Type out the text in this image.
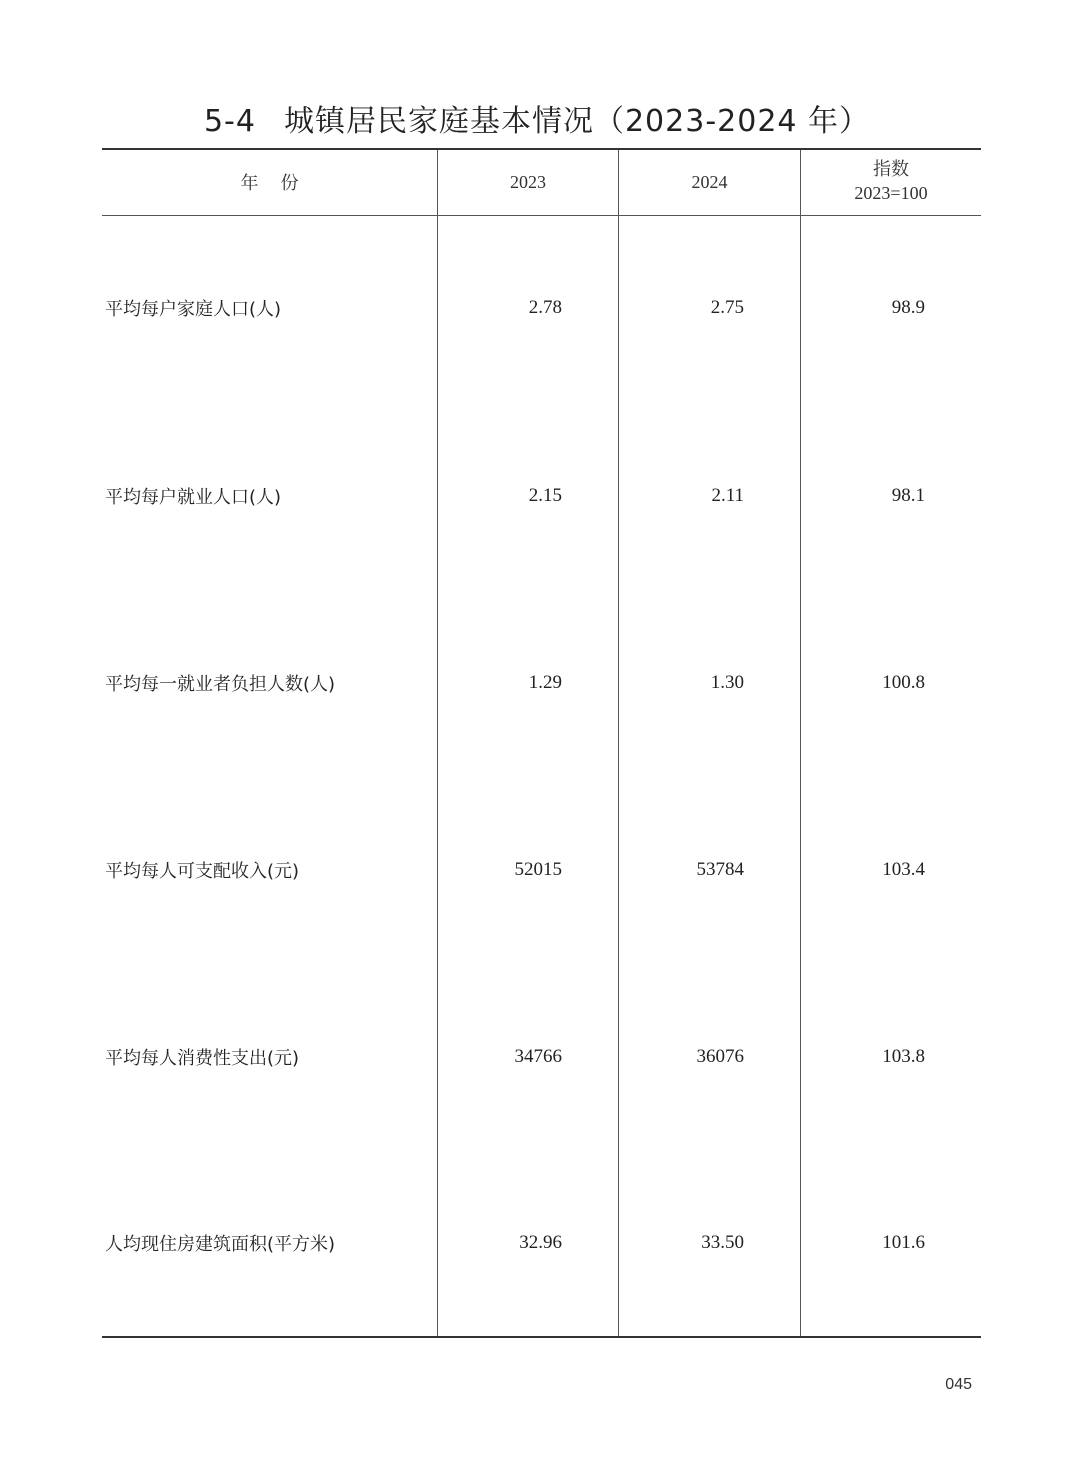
5-4 城镇居民家庭基本情况（2023-2024 年）
年份	2023	2024	指数
2023=100

平均每户家庭人口(人)	2.78	2.75	98.9
平均每户就业人口(人)	2.15	2.11	98.1
平均每一就业者负担人数(人)	1.29	1.30	100.8
平均每人可支配收入(元)	52015	53784	103.4
平均每人消费性支出(元)	34766	36076	103.8
人均现住房建筑面积(平方米)	32.96	33.50	101.6
045
